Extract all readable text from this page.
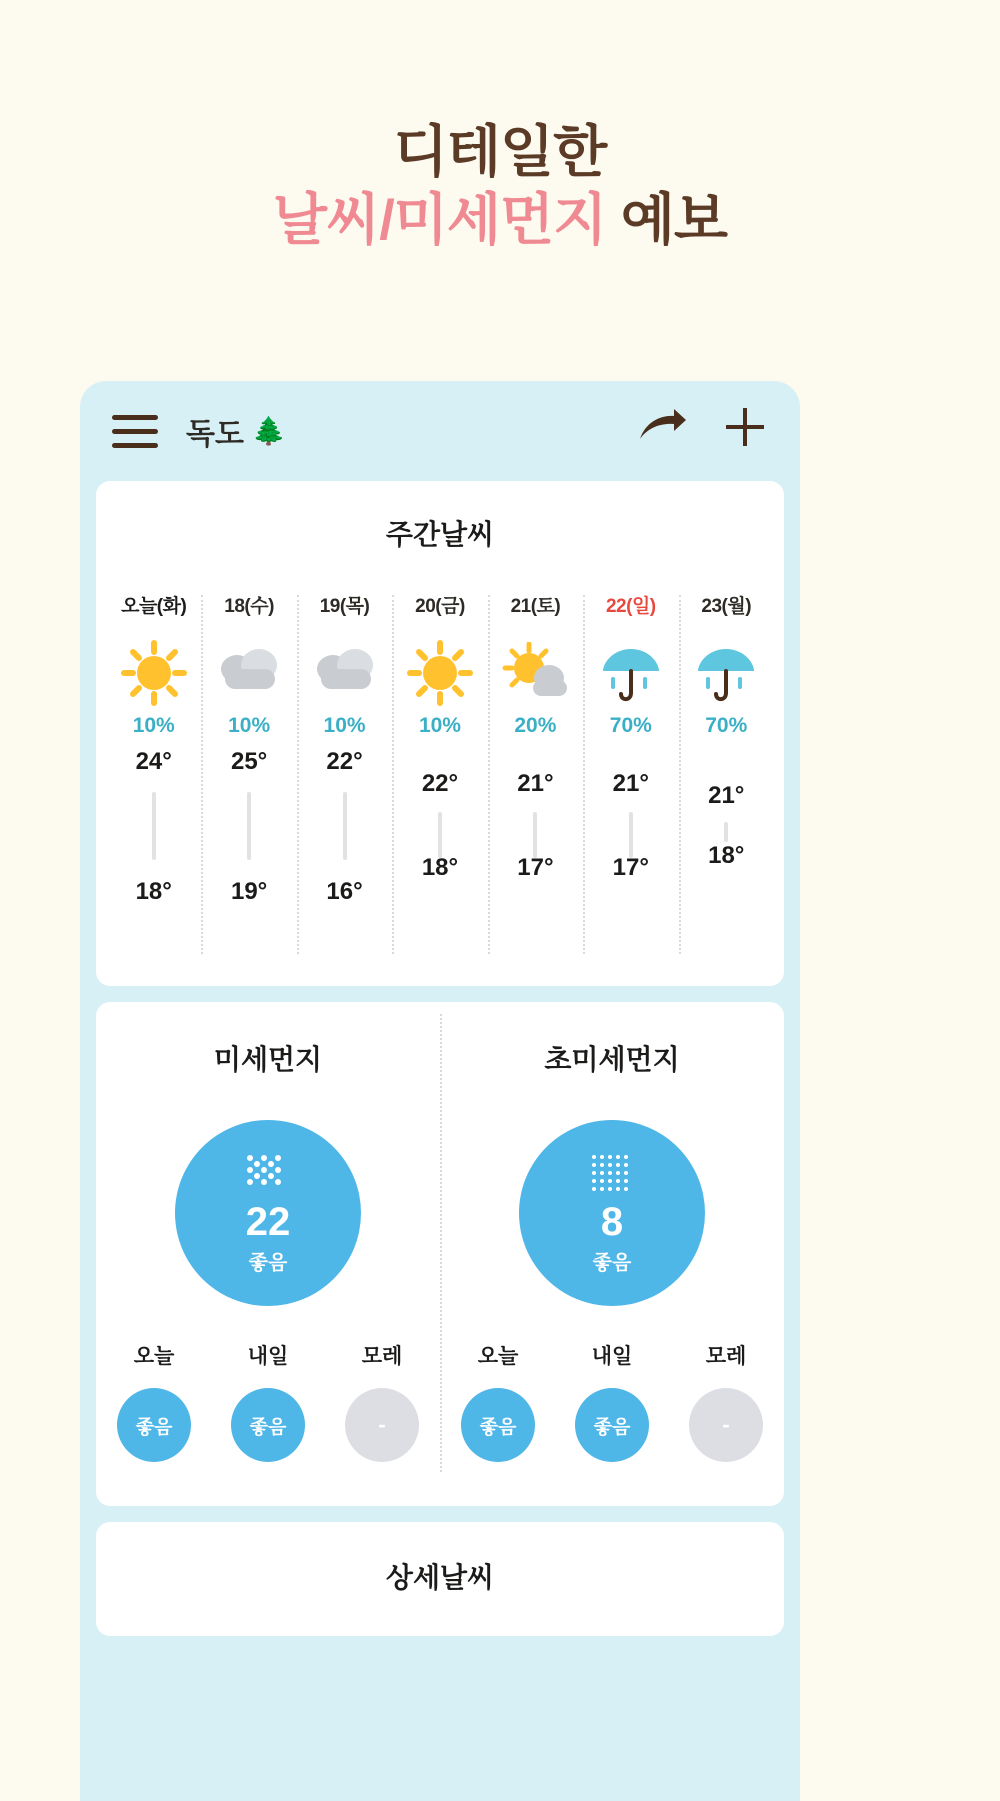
디테일한
날씨/미세먼지 예보
독도 🌲
주간날씨
오늘(화)
10%
24°
18°
18(수)
10%
25°
19°
19(목)
10%
22°
16°
20(금)
10%
22°
18°
21(토)
20%
21°
17°
22(일)
70%
21°
17°
23(월)
70%
21°
18°
미세먼지
22
좋음
오늘
좋음
내일
좋음
모레
-
초미세먼지
8
좋음
오늘
좋음
내일
좋음
모레
-
상세날씨
